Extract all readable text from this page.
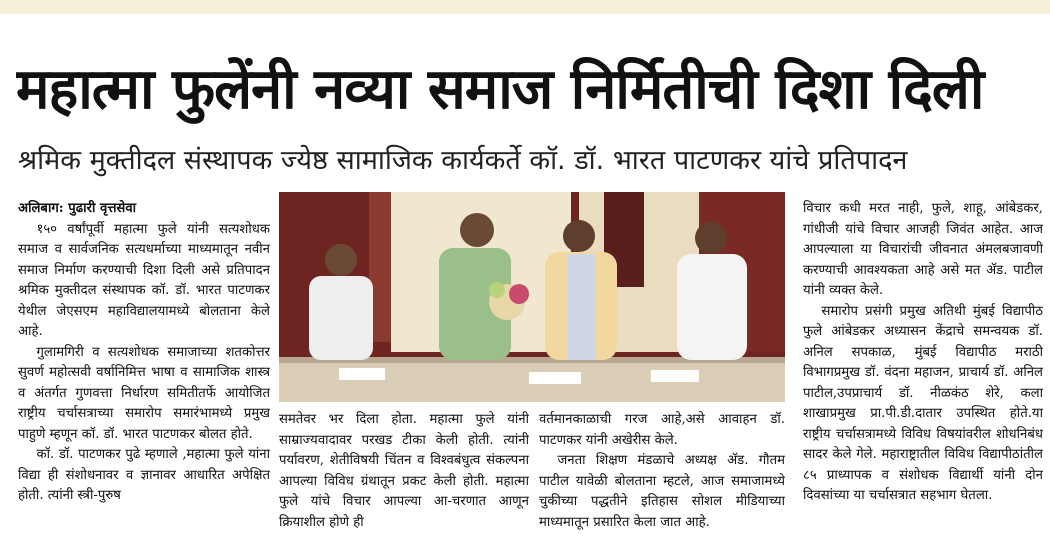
महात्मा फुलेंनी नव्या समाज निर्मितीची दिशा दिली
श्रमिक मुक्तीदल संस्थापक ज्येष्ठ सामाजिक कार्यकर्ते कॉ. डॉ. भारत पाटणकर यांचे प्रतिपादन

अलिबाग: पुढारी वृत्तसेवा

१५० वर्षांपूर्वी महात्मा फुले यांनी सत्यशोधक समाज व सार्वजनिक सत्यधर्माच्या माध्यमातून नवीन समाज निर्माण करण्याची दिशा दिली असे प्रतिपादन श्रमिक मुक्तीदल संस्थापक कॉ. डॉ. भारत पाटणकर येथील जेएसएम महाविद्यालयामध्ये बोलताना केले आहे.

गुलामगिरी व सत्यशोधक समाजाच्या शतकोत्तर सुवर्ण महोत्सवी वर्षानिमित्त भाषा व सामाजिक शास्त्र व अंतर्गत गुणवत्ता निर्धारण समितीतर्फे आयोजित राष्ट्रीय चर्चासत्राच्या समारोप समारंभामध्ये प्रमुख पाहुणे म्हणून कॉ. डॉ. भारत पाटणकर बोलत होते.

कॉ. डॉ. पाटणकर पुढे म्हणाले ,महात्मा फुले यांना विद्या ही संशोधनावर व ज्ञानावर आधारित अपेक्षित होती. त्यांनी स्त्री-पुरुष

समतेवर भर दिला होता. महात्मा फुले यांनी साम्राज्यवादावर परखड टीका केली होती. त्यांनी पर्यावरण, शेतीविषयी चिंतन व विश्वबंधुत्व संकल्पना आपल्या विविध ग्रंथातून प्रकट केली होती. महात्मा फुले यांचे विचार आपल्या आ-चरणात आणून क्रियाशील होणे ही

वर्तमानकाळाची गरज आहे,असे आवाहन डॉ. पाटणकर यांनी अखेरीस केले.

जनता शिक्षण मंडळाचे अध्यक्ष ॲड. गौतम पाटील यावेळी बोलताना म्हटले, आज समाजामध्ये चुकीच्या पद्धतीने इतिहास सोशल मीडियाच्या माध्यमातून प्रसारित केला जात आहे.

विचार कधी मरत नाही, फुले, शाहू, आंबेडकर, गांधीजी यांचे विचार आजही जिवंत आहेत. आज आपल्याला या विचारांची जीवनात अंमलबजावणी करण्याची आवश्यकता आहे असे मत ॲड. पाटील यांनी व्यक्त केले.

समारोप प्रसंगी प्रमुख अतिथी मुंबई विद्यापीठ फुले आंबेडकर अध्यासन केंद्राचे समन्वयक डॉ. अनिल सपकाळ, मुंबई विद्यापीठ मराठी विभागप्रमुख डॉ. वंदना महाजन, प्राचार्य डॉ. अनिल पाटील,उपप्राचार्य डॉ. नीळकंठ शेरे, कला शाखाप्रमुख प्रा.पी.डी.दातार उपस्थित होते.या राष्ट्रीय चर्चासत्रामध्ये विविध विषयांवरील शोधनिबंध सादर केले गेले. महाराष्ट्रातील विविध विद्यापीठांतील ८५ प्राध्यापक व संशोधक विद्यार्थी यांनी दोन दिवसांच्या या चर्चासत्रात सहभाग घेतला.
